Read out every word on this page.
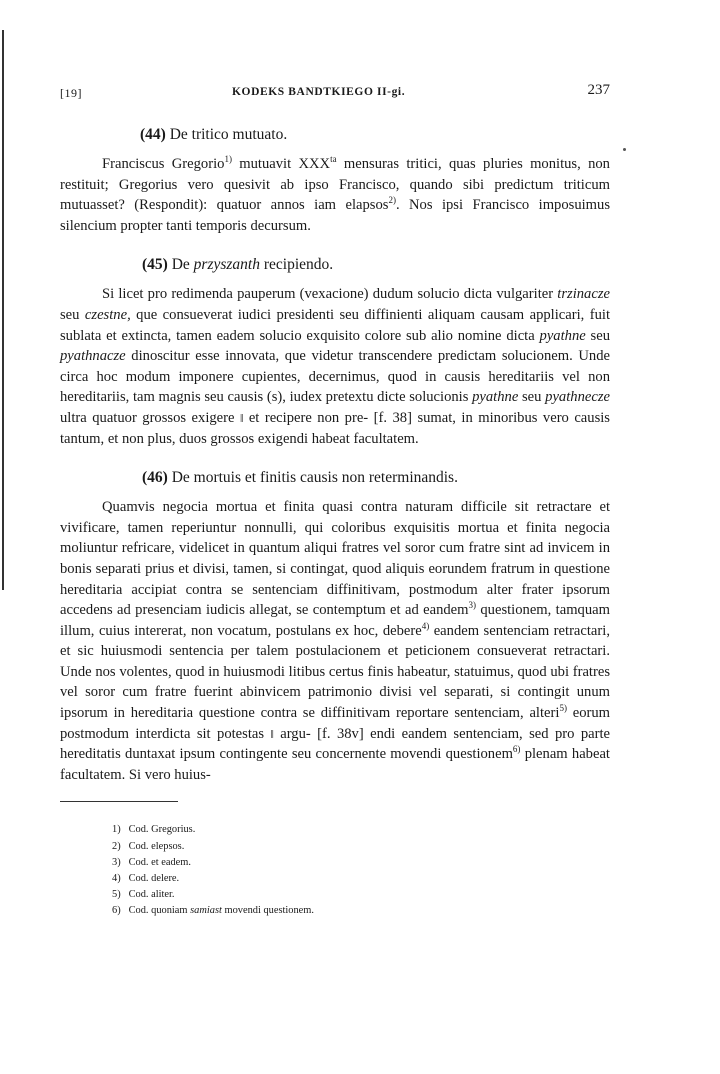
[19]	KODEKS BANDTKIEGO II-gi.	237
(44) De tritico mutuato.

Franciscus Gregorio$^{1)}$ mutuavit $XXX^{ta}$ mensuras tritici, quas pluries monitus, non restituit; Gregorius vero quesivit ab ipso Francisco, quando sibi predictum triticum mutuasset? (Respondit): quatuor annos iam elapsos$^{2)}$. Nos ipsi Francisco imposuimus silencium propter tanti temporis decursum.

(45) De przyszanth recipiendo.

Si licet pro redimenda pauperum (vexacione) dudum solucio dicta vulgariter trzinacze seu czestne, que consueverat iudici presidenti seu diffinienti aliquam causam applicari, fuit sublata et extincta, tamen eadem solucio exquisito colore sub alio nomine dicta pyathne seu pyathnacze dinoscitur esse innovata, que videtur transcendere predictam solucionem. Unde circa hoc modum imponere cupientes, decernimus, quod in causis hereditariis vel non hereditariis, tam magnis seu causis (s), iudex pretextu dicte solucionis pyathne seu pyathnecze ultra quatuor grossos exigere ‖ et recipere non pre- [f. 38] sumat, in minoribus vero causis tantum, et non plus, duos grossos exigendi habeat facultatem.

(46) De mortuis et finitis causis non reterminandis.

Quamvis negocia mortua et finita quasi contra naturam difficile sit retractare et vivificare, tamen reperiuntur nonnulli, qui coloribus exquisitis mortua et finita negocia moliuntur refricare, videlicet in quantum aliqui fratres vel soror cum fratre sint ad invicem in bonis separati prius et divisi, tamen, si contingat, quod aliquis eorundem fratrum in questione hereditaria accipiat contra se sentenciam diffinitivam, postmodum alter frater ipsorum accedens ad presenciam iudicis allegat, se contemptum et ad eandem$^{3)}$ questionem, tamquam illum, cuius intererat, non vocatum, postulans ex hoc, debere$^{4)}$ eandem sentenciam retractari, et sic huiusmodi sentencia per talem postulacionem et peticionem consueverat retractari. Unde nos volentes, quod in huiusmodi litibus certus finis habeatur, statuimus, quod ubi fratres vel soror cum fratre fuerint abinvicem patrimonio divisi vel separati, si contingit unum ipsorum in hereditaria questione contra se diffinitivam reportare sentenciam, alteri$^{5)}$ eorum postmodum interdicta sit potestas ‖ argu- [f. 38v] endi eandem sentenciam, sed pro parte hereditatis duntaxat ipsum contingente seu concernente movendi questionem$^{6)}$ plenam habeat facultatem. Si vero huius-

1) Cod. Gregorius.
2) Cod. elepsos.
3) Cod. et eadem.
4) Cod. delere.
5) Cod. aliter.
6) Cod. quoniam samiast movendi questionem.
